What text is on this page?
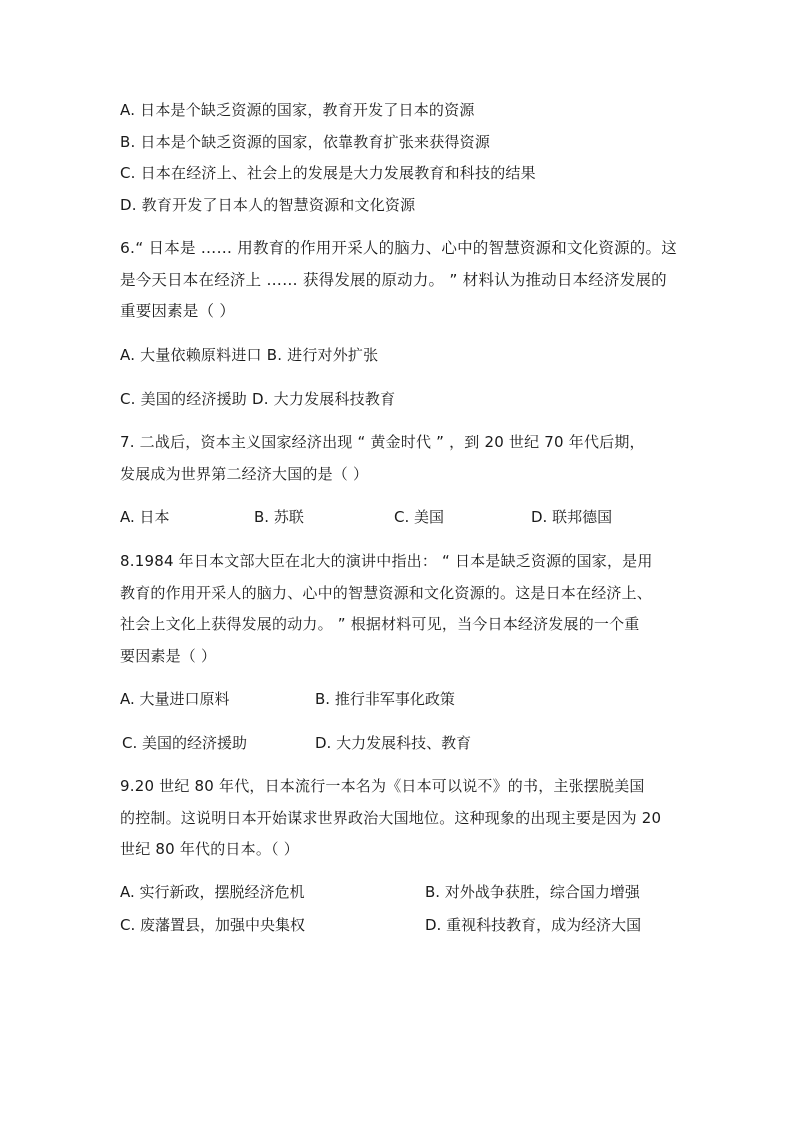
A. 日本是个缺乏资源的国家，教育开发了日本的资源
B. 日本是个缺乏资源的国家，依靠教育扩张来获得资源
C. 日本在经济上、社会上的发展是大力发展教育和科技的结果
D. 教育开发了日本人的智慧资源和文化资源
6.“ 日本是 …… 用教育的作用开采人的脑力、心中的智慧资源和文化资源的。这
是今天日本在经济上 …… 获得发展的原动力。 ” 材料认为推动日本经济发展的
重要因素是（ ）
A. 大量依赖原料进口 B. 进行对外扩张
C. 美国的经济援助 D. 大力发展科技教育
7. 二战后，资本主义国家经济出现 “ 黄金时代 ” ，到 20 世纪 70 年代后期，
发展成为世界第二经济大国的是（ ）
A. 日本	B. 苏联	C. 美国	D. 联邦德国
8.1984 年日本文部大臣在北大的演讲中指出： “ 日本是缺乏资源的国家，是用
教育的作用开采人的脑力、心中的智慧资源和文化资源的。这是日本在经济上、
社会上文化上获得发展的动力。 ” 根据材料可见，当今日本经济发展的一个重
要因素是（ ）
A. 大量进口原料	B. 推行非军事化政策
C. 美国的经济援助	D. 大力发展科技、教育
9.20 世纪 80 年代，日本流行一本名为《日本可以说不》的书，主张摆脱美国
的控制。这说明日本开始谋求世界政治大国地位。这种现象的出现主要是因为 20
世纪 80 年代的日本。（ ）
A. 实行新政，摆脱经济危机	B. 对外战争获胜，综合国力增强
C. 废藩置县，加强中央集权	D. 重视科技教育，成为经济大国
